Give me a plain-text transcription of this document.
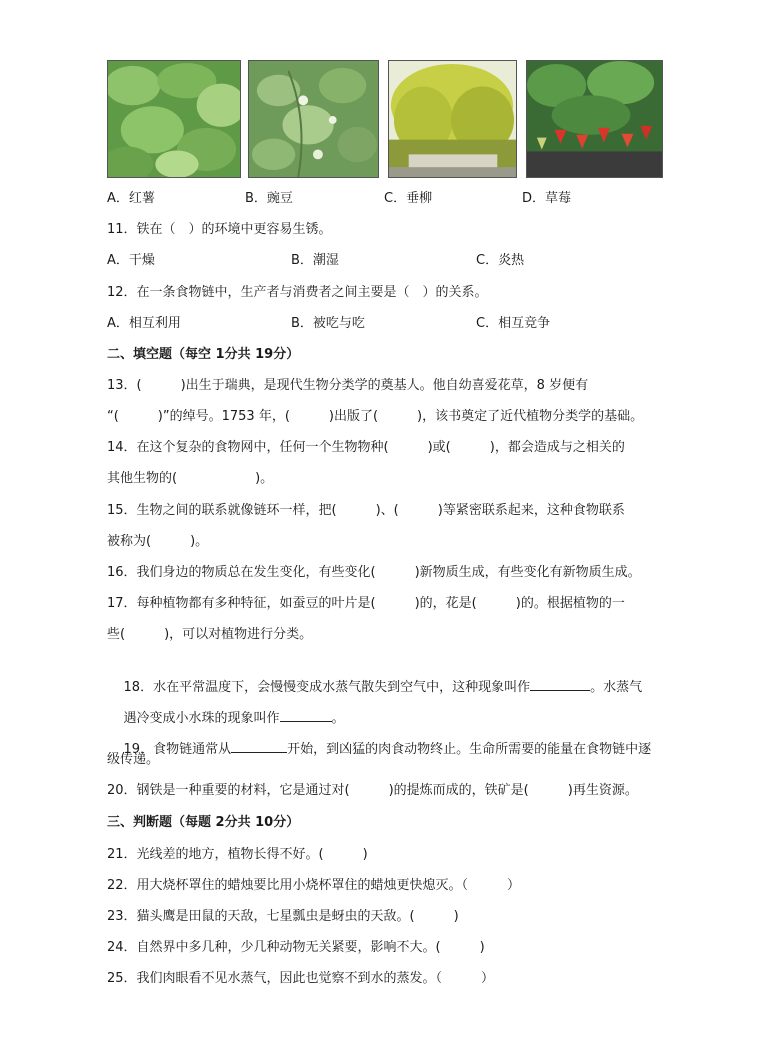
A．红薯	B．豌豆	C．垂柳	D．草莓
11．铁在（　）的环境中更容易生锈。
A．干燥	B．潮湿	C．炎热
12．在一条食物链中，生产者与消费者之间主要是（　）的关系。
A．相互利用	B．被吃与吃	C．相互竞争
二、填空题（每空 1分共 19分）
13．(　　　)出生于瑞典，是现代生物分类学的奠基人。他自幼喜爱花草，8 岁便有
“(　　　)”的绰号。1753 年，(　　　)出版了(　　　)，该书奠定了近代植物分类学的基础。
14．在这个复杂的食物网中，任何一个生物物种(　　　)或(　　　)，都会造成与之相关的
其他生物的(　　　　　　)。
15．生物之间的联系就像链环一样，把(　　　)、(　　　)等紧密联系起来，这种食物联系
被称为(　　　)。
16．我们身边的物质总在发生变化，有些变化(　　　)新物质生成，有些变化有新物质生成。
17．每种植物都有多种特征，如蚕豆的叶片是(　　　)的，花是(　　　)的。根据植物的一
些(　　　)，可以对植物进行分类。

18．水在平常温度下，会慢慢变成水蒸气散失到空气中，这种现象叫作	。水蒸气

遇冷变成小水珠的现象叫作	。

19．食物链通常从	开始，到凶猛的肉食动物终止。生命所需要的能量在食物链中逐

级传递。
20．钢铁是一种重要的材料，它是通过对(　　　)的提炼而成的，铁矿是(　　　)再生资源。
三、判断题（每题 2分共 10分）
21．光线差的地方，植物长得不好。(　　　)
22．用大烧杯罩住的蜡烛要比用小烧杯罩住的蜡烛更快熄灭。（　　　）
23．猫头鹰是田鼠的天敌，七星瓢虫是蚜虫的天敌。(　　　)
24．自然界中多几种，少几种动物无关紧要，影响不大。(　　　)
25．我们肉眼看不见水蒸气，因此也觉察不到水的蒸发。（　　　）
